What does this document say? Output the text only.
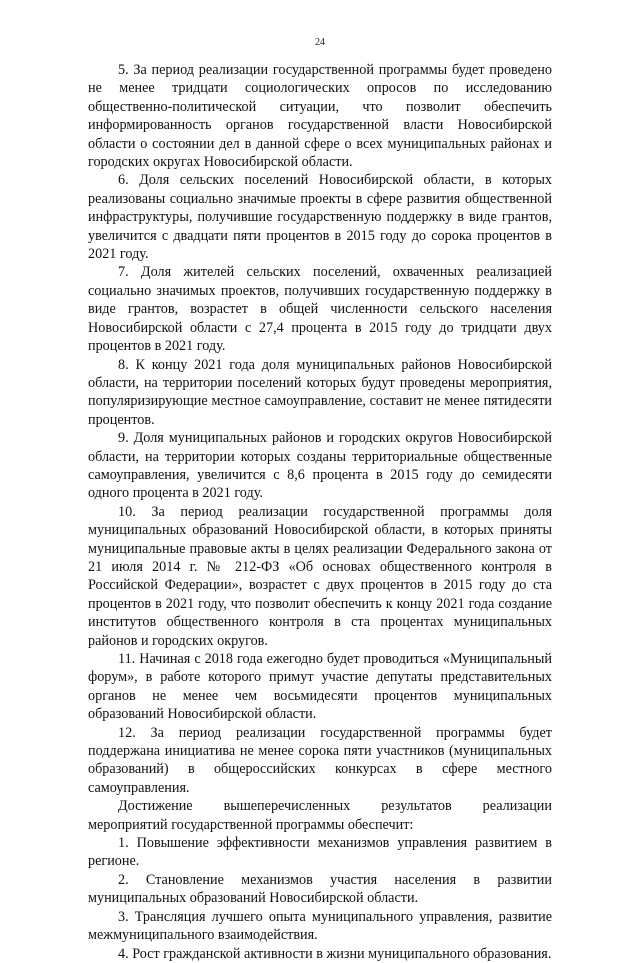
24

5. За период реализации государственной программы будет проведено не менее тридцати социологических опросов по исследованию общественно-политической ситуации, что позволит обеспечить информированность органов государственной власти Новосибирской области о состоянии дел в данной сфере о всех муниципальных районах и городских округах Новосибирской области.

6. Доля сельских поселений Новосибирской области, в которых реализованы социально значимые проекты в сфере развития общественной инфраструктуры, получившие государственную поддержку в виде грантов, увеличится с двадцати пяти процентов в 2015 году до сорока процентов в 2021 году.

7. Доля жителей сельских поселений, охваченных реализацией социально значимых проектов, получивших государственную поддержку в виде грантов, возрастет в общей численности сельского населения Новосибирской области с 27,4 процента в 2015 году до тридцати двух процентов в 2021 году.

8. К концу 2021 года доля муниципальных районов Новосибирской области, на территории поселений которых будут проведены мероприятия, популяризирующие местное самоуправление, составит не менее пятидесяти процентов.

9. Доля муниципальных районов и городских округов Новосибирской области, на территории которых созданы территориальные общественные самоуправления, увеличится с 8,6 процента в 2015 году до семидесяти одного процента в 2021 году.

10. За период реализации государственной программы доля муниципальных образований Новосибирской области, в которых приняты муниципальные правовые акты в целях реализации Федерального закона от 21 июля 2014 г. № 212-ФЗ «Об основах общественного контроля в Российской Федерации», возрастет с двух процентов в 2015 году до ста процентов в 2021 году, что позволит обеспечить к концу 2021 года создание институтов общественного контроля в ста процентах муниципальных районов и городских округов.

11. Начиная с 2018 года ежегодно будет проводиться «Муниципальный форум», в работе которого примут участие депутаты представительных органов не менее чем восьмидесяти процентов муниципальных образований Новосибирской области.

12. За период реализации государственной программы будет поддержана инициатива не менее сорока пяти участников (муниципальных образований) в общероссийских конкурсах в сфере местного самоуправления.

Достижение вышеперечисленных результатов реализации мероприятий государственной программы обеспечит:

1. Повышение эффективности механизмов управления развитием в регионе.

2. Становление механизмов участия населения в развитии муниципальных образований Новосибирской области.

3. Трансляция лучшего опыта муниципального управления, развитие межмуниципального взаимодействия.

4. Рост гражданской активности в жизни муниципального образования.
